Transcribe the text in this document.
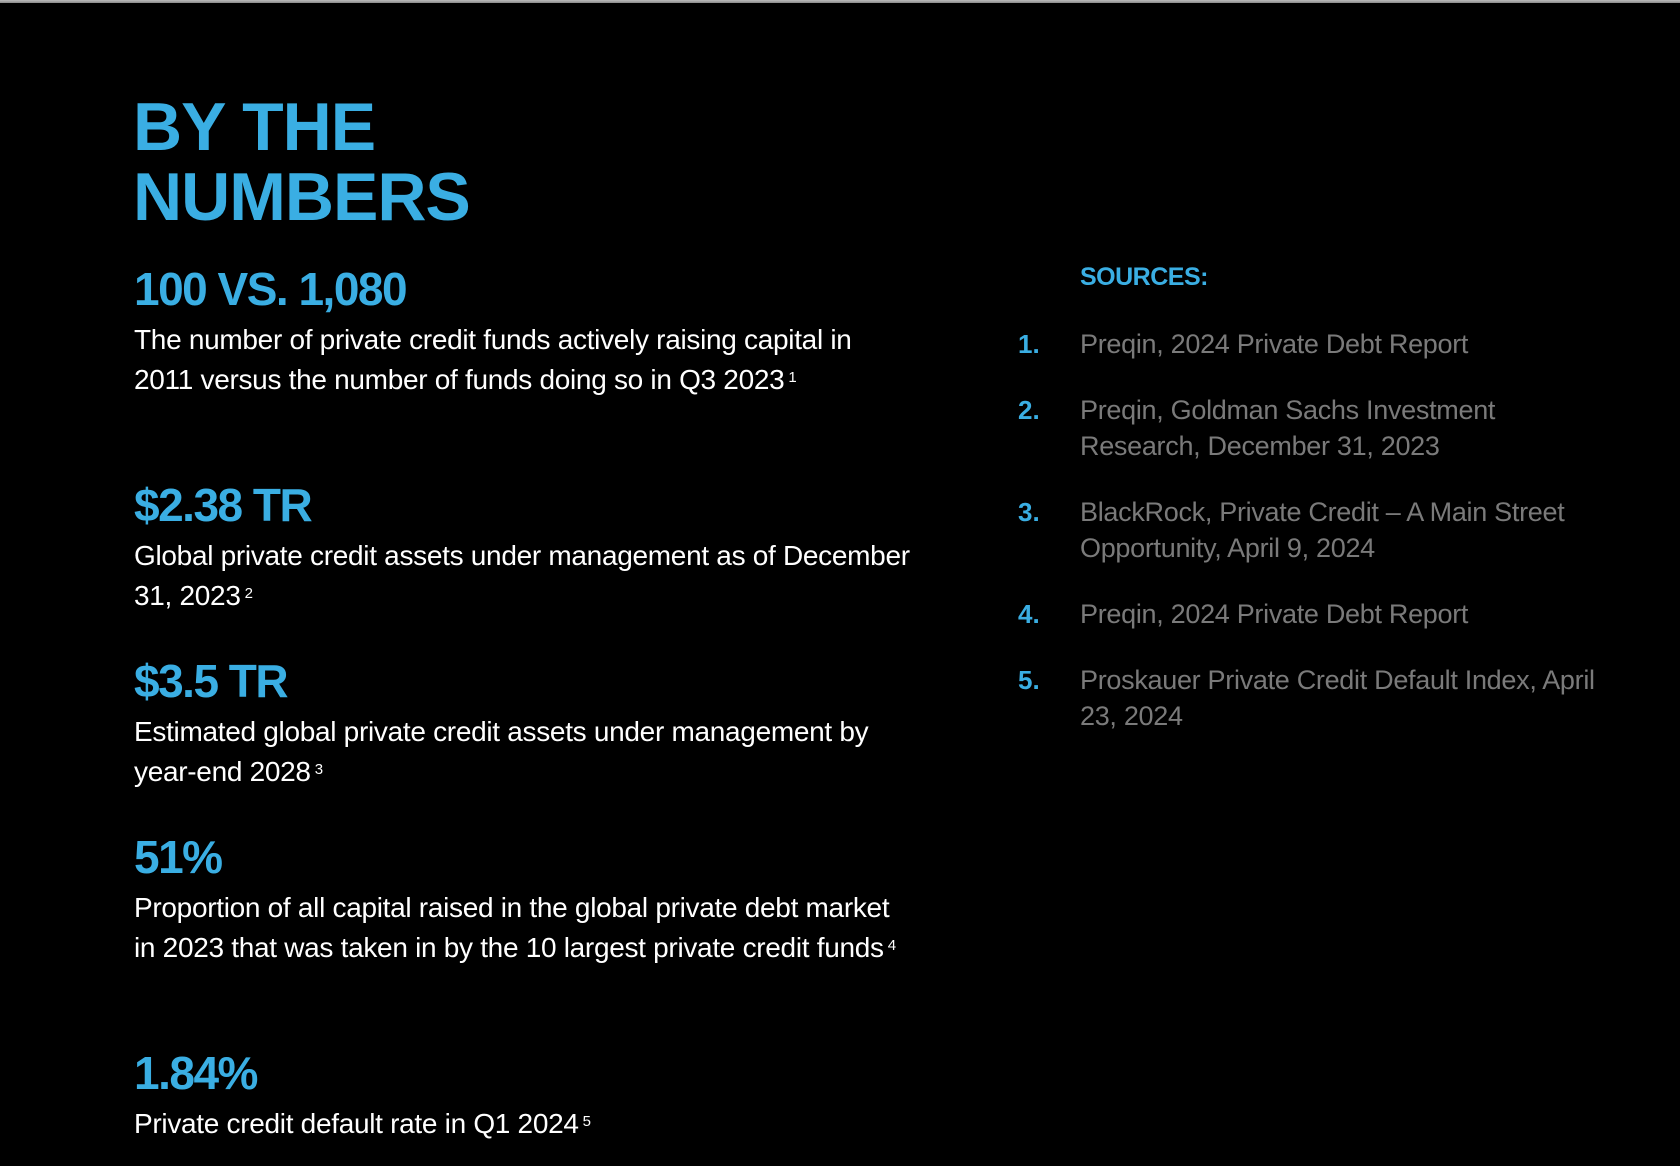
BY THE
NUMBERS
100 VS. 1,080

The number of private credit funds actively raising capital in 2011 versus the number of funds doing so in Q3 2023 $^1$

$2.38 TR

Global private credit assets under management as of December 31, 2023 $^2$

$3.5 TR

Estimated global private credit assets under management by year-end 2028 $^3$

51%

Proportion of all capital raised in the global private debt market in 2023 that was taken in by the 10 largest private credit funds $^4$

1.84%

Private credit default rate in Q1 2024 $^5$

SOURCES:
1. Preqin, 2024 Private Debt Report
2. Preqin, Goldman Sachs Investment Research, December 31, 2023
3. BlackRock, Private Credit – A Main Street Opportunity, April 9, 2024
4. Preqin, 2024 Private Debt Report
5. Proskauer Private Credit Default Index, April 23, 2024
